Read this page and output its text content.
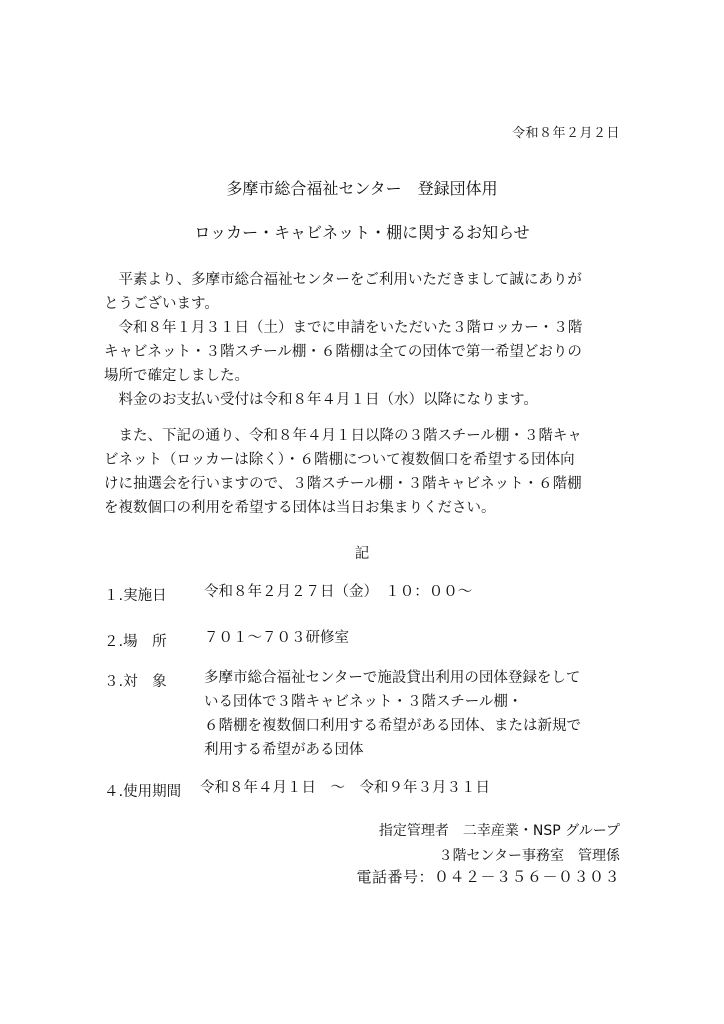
令和８年２月２日
多摩市総合福祉センター　登録団体用
ロッカー・キャビネット・棚に関するお知らせ
　平素より、多摩市総合福祉センターをご利用いただきまして誠にありが
とうございます。
　令和８年１月３１日（土）までに申請をいただいた３階ロッカー・３階
キャビネット・３階スチール棚・６階棚は全ての団体で第一希望どおりの
場所で確定しました。
　料金のお支払い受付は令和８年４月１日（水）以降になります。
　また、下記の通り、令和８年４月１日以降の３階スチール棚・３階キャ
ビネット（ロッカーは除く）・６階棚について複数個口を希望する団体向
けに抽選会を行いますので、３階スチール棚・３階キャビネット・６階棚
を複数個口の利用を希望する団体は当日お集まりください。
記
１.実施日	令和８年２月２７日（金）　１０：００～
２.場　所	７０１～７０３研修室
３.対　象	多摩市総合福祉センターで施設貸出利用の団体登録をして
いる団体で３階キャビネット・３階スチール棚・
６階棚を複数個口利用する希望がある団体、または新規で
利用する希望がある団体
４.使用期間 令和８年４月１日　～　令和９年３月３１日
指定管理者　二幸産業・NSP グループ
３階センター事務室　管理係
電話番号：０４２－３５６－０３０３
